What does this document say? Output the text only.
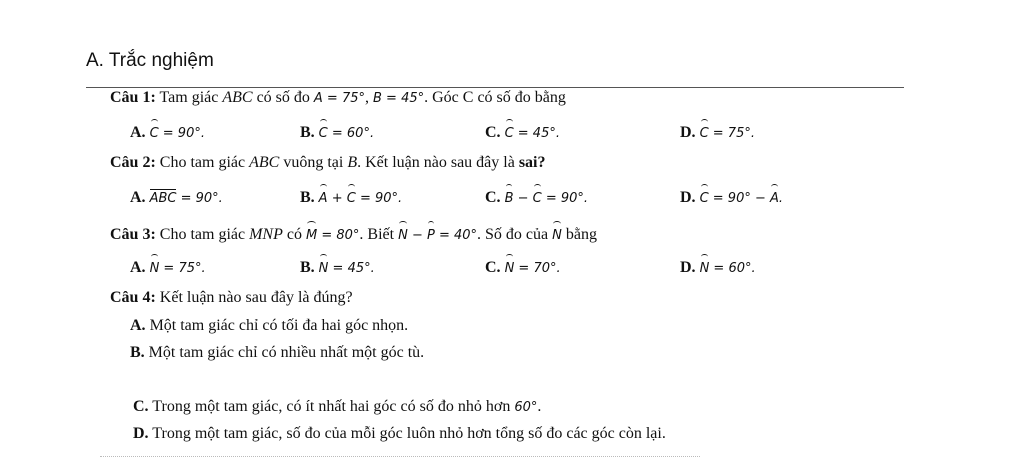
A. Trắc nghiệm
Câu 1: Tam giác ABC có số đo A = 75°, B = 45°. Góc C có số đo bằng
A. C = 90°.	B. C = 60°.	C. C = 45°.	D. C = 75°.
Câu 2: Cho tam giác ABC vuông tại B. Kết luận nào sau đây là sai?
A. ABC = 90°.	B. A + C = 90°.	C. B − C = 90°.	D. C = 90° − A.
Câu 3: Cho tam giác MNP có M = 80°. Biết N − P = 40°. Số đo của N bằng
A. N = 75°.	B. N = 45°.	C. N = 70°.	D. N = 60°.
Câu 4: Kết luận nào sau đây là đúng?
A. Một tam giác chỉ có tối đa hai góc nhọn.
B. Một tam giác chỉ có nhiều nhất một góc tù.
C. Trong một tam giác, có ít nhất hai góc có số đo nhỏ hơn 60°.
D. Trong một tam giác, số đo của mỗi góc luôn nhỏ hơn tổng số đo các góc còn lại.
